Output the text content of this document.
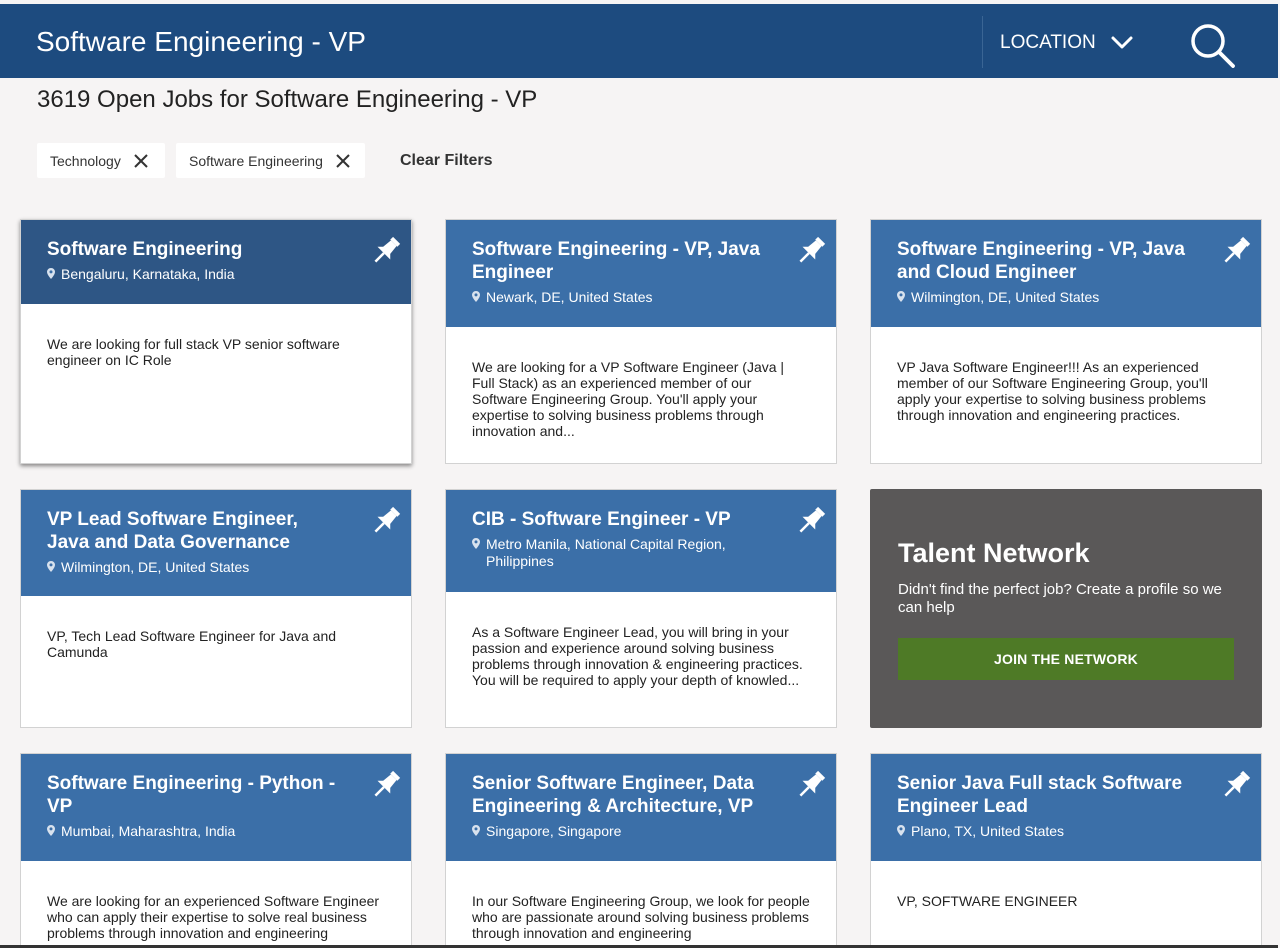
Software Engineering - VP
LOCATION
3619 Open Jobs for Software Engineering - VP
Technology	Software Engineering	Clear Filters
Software Engineering
Bengaluru, Karnataka, India
We are looking for full stack VP senior software engineer on IC Role
Software Engineering - VP, Java Engineer
Newark, DE, United States
We are looking for a VP Software Engineer (Java | Full Stack) as an experienced member of our Software Engineering Group. You'll apply your expertise to solving business problems through innovation and...
Software Engineering - VP, Java and Cloud Engineer
Wilmington, DE, United States
VP Java Software Engineer!!! As an experienced member of our Software Engineering Group, you'll apply your expertise to solving business problems through innovation and engineering practices.
VP Lead Software Engineer, Java and Data Governance
Wilmington, DE, United States
VP, Tech Lead Software Engineer for Java and Camunda
CIB - Software Engineer - VP
Metro Manila, National Capital Region, Philippines
As a Software Engineer Lead, you will bring in your passion and experience around solving business problems through innovation & engineering practices. You will be required to apply your depth of knowled...
Talent Network
Didn't find the perfect job? Create a profile so we can help
JOIN THE NETWORK
Software Engineering - Python - VP
Mumbai, Maharashtra, India
We are looking for an experienced Software Engineer who can apply their expertise to solve real business problems through innovation and engineering
Senior Software Engineer, Data Engineering & Architecture, VP
Singapore, Singapore
In our Software Engineering Group, we look for people who are passionate around solving business problems through innovation and engineering
Senior Java Full stack Software Engineer Lead
Plano, TX, United States
VP, SOFTWARE ENGINEER
